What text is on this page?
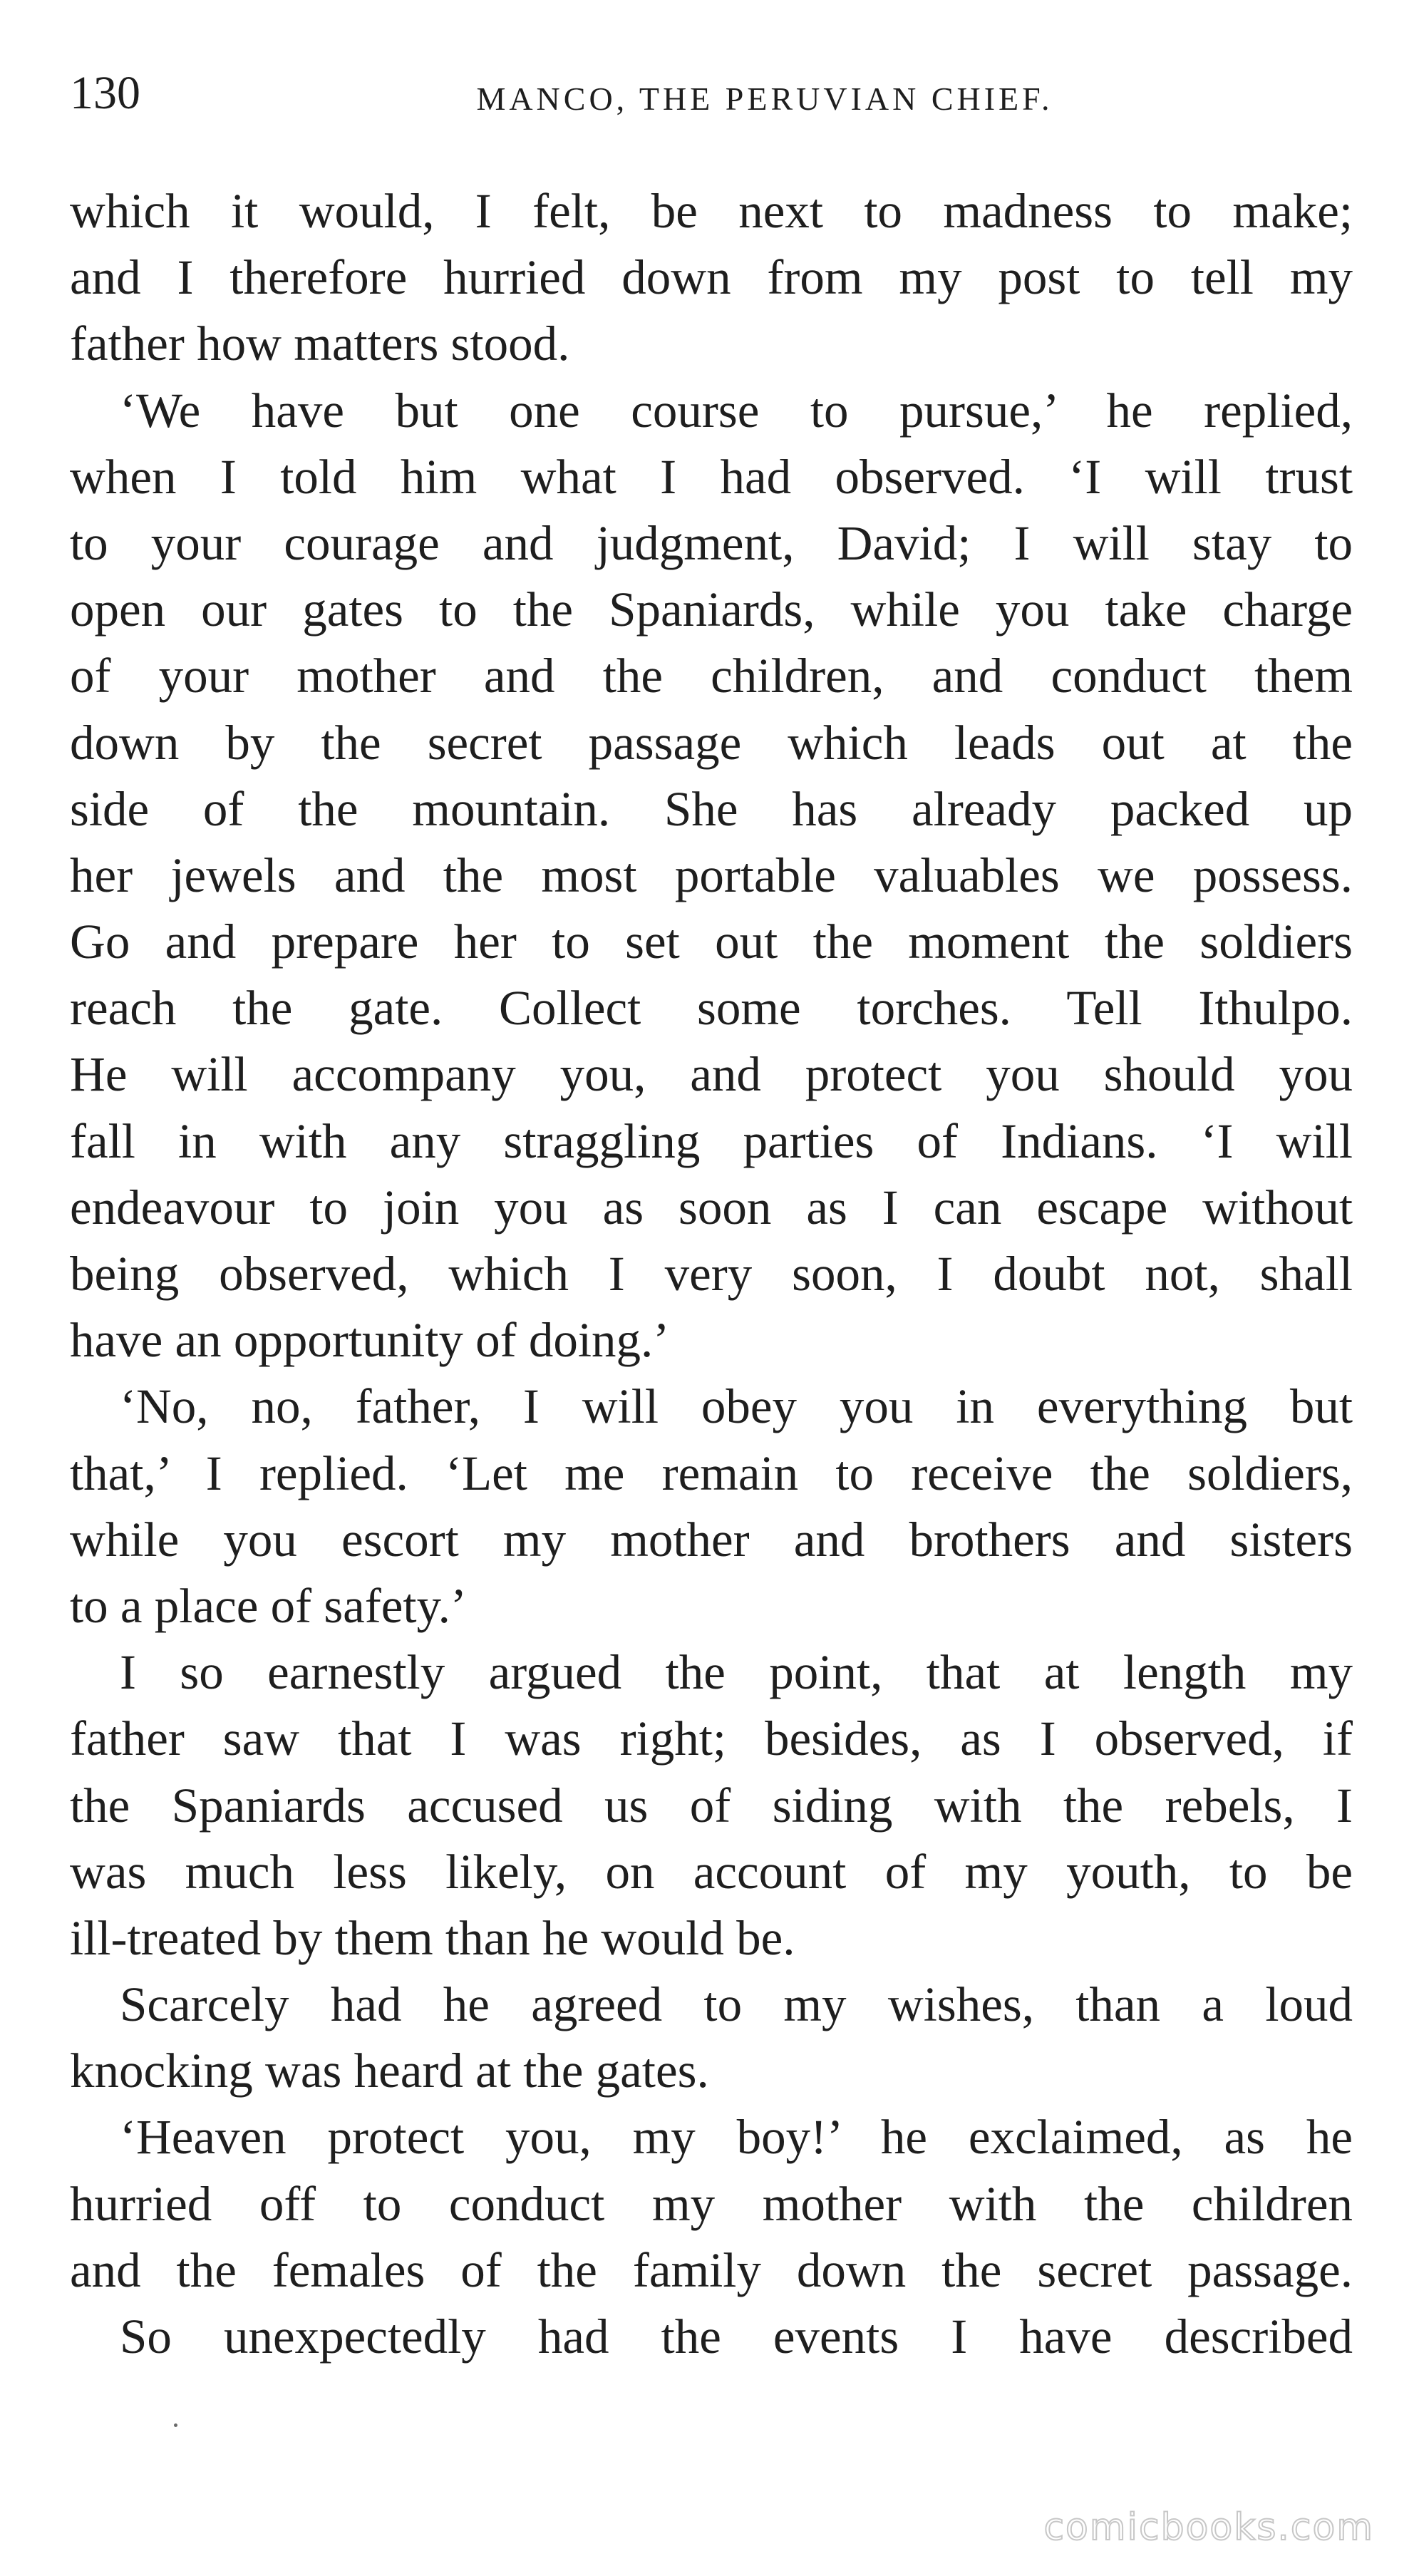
130	MANCO, THE PERUVIAN CHIEF.
which it would, I felt, be next to madness to make;
and I therefore hurried down from my post to tell my
father how matters stood.
‘We have but one course to pursue,’ he replied,
when I told him what I had observed. ‘I will trust
to your courage and judgment, David; I will stay to
open our gates to the Spaniards, while you take charge
of your mother and the children, and conduct them
down by the secret passage which leads out at the
side of the mountain. She has already packed up
her jewels and the most portable valuables we possess.
Go and prepare her to set out the moment the soldiers
reach the gate. Collect some torches. Tell Ithulpo.
He will accompany you, and protect you should you
fall in with any straggling parties of Indians. ‘I will
endeavour to join you as soon as I can escape without
being observed, which I very soon, I doubt not, shall
have an opportunity of doing.’
‘No, no, father, I will obey you in everything but
that,’ I replied. ‘Let me remain to receive the soldiers,
while you escort my mother and brothers and sisters
to a place of safety.’
I so earnestly argued the point, that at length my
father saw that I was right; besides, as I observed, if
the Spaniards accused us of siding with the rebels, I
was much less likely, on account of my youth, to be
ill-treated by them than he would be.
Scarcely had he agreed to my wishes, than a loud
knocking was heard at the gates.
‘Heaven protect you, my boy!’ he exclaimed, as he
hurried off to conduct my mother with the children
and the females of the family down the secret passage.
So unexpectedly had the events I have described
comicbooks.com
